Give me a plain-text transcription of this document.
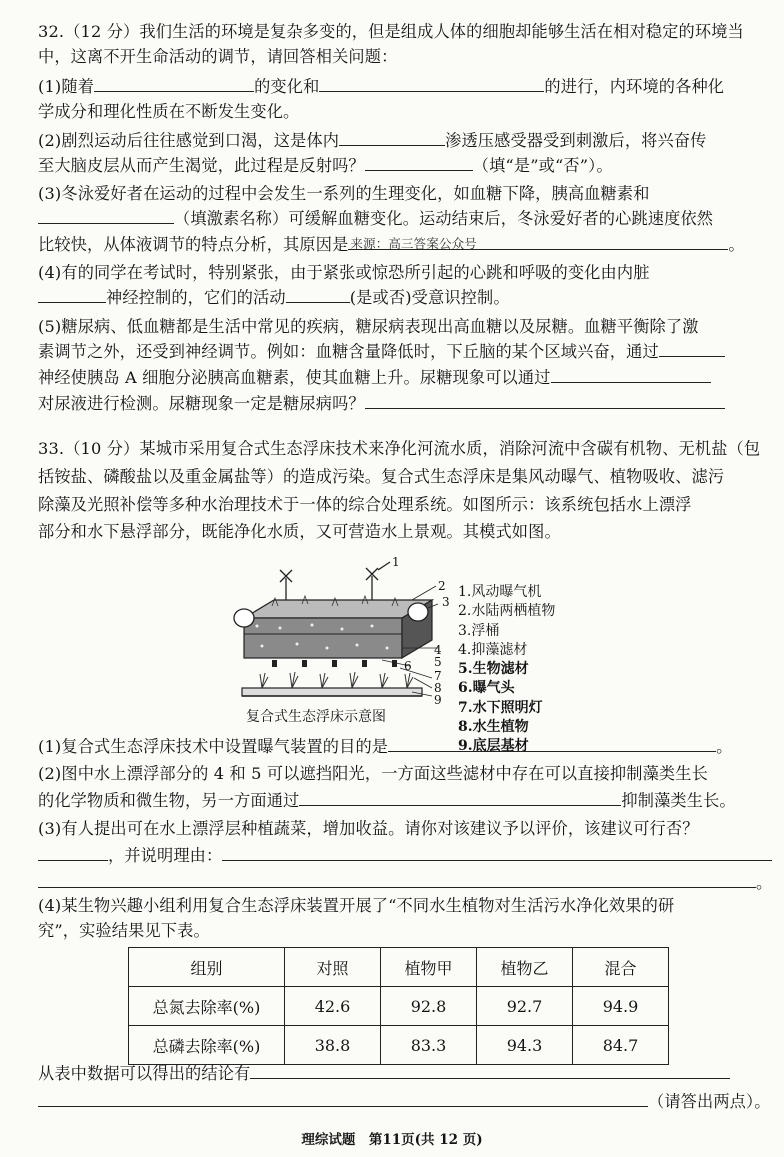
32.（12 分）我们生活的环境是复杂多变的，但是组成人体的细胞却能够生活在相对稳定的环境当
中，这离不开生命活动的调节，请回答相关问题：
(1)随着	的变化和	的进行，内环境的各种化
学成分和理化性质在不断发生变化。
(2)剧烈运动后往往感觉到口渴，这是体内	渗透压感受器受到刺激后，将兴奋传
至大脑皮层从而产生渴觉，此过程是反射吗？	（填“是”或“否”）。
(3)冬泳爱好者在运动的过程中会发生一系列的生理变化，如血糖下降，胰高血糖素和
（填激素名称）可缓解血糖变化。运动结束后，冬泳爱好者的心跳速度依然
比较快，从体液调节的特点分析，其原因是 来源：高三答案公众号	。
(4)有的同学在考试时，特别紧张，由于紧张或惊恐所引起的心跳和呼吸的变化由内脏
神经控制的，它们的活动	(是或否)受意识控制。
(5)糖尿病、低血糖都是生活中常见的疾病，糖尿病表现出高血糖以及尿糖。血糖平衡除了激
素调节之外，还受到神经调节。例如：血糖含量降低时，下丘脑的某个区域兴奋，通过
神经使胰岛 A 细胞分泌胰高血糖素，使其血糖上升。尿糖现象可以通过
对尿液进行检测。尿糖现象一定是糖尿病吗？
33.（10 分）某城市采用复合式生态浮床技术来净化河流水质，消除河流中含碳有机物、无机盐（包
括铵盐、磷酸盐以及重金属盐等）的造成污染。复合式生态浮床是集风动曝气、植物吸收、滤污
除藻及光照补偿等多种水治理技术于一体的综合处理系统。如图所示：该系统包括水上漂浮
部分和水下悬浮部分，既能净化水质，又可营造水上景观。其模式如图。
1
2
3
4
5
6
7
8
9
复合式生态浮床示意图
1.风动曝气机
2.水陆两栖植物
3.浮桶
4.抑藻滤材
5.生物滤材
6.曝气头
7.水下照明灯
8.水生植物
9.底层基材
(1)复合式生态浮床技术中设置曝气装置的目的是	。
(2)图中水上漂浮部分的 4 和 5 可以遮挡阳光，一方面这些滤材中存在可以直接抑制藻类生长
的化学物质和微生物，另一方面通过	抑制藻类生长。
(3)有人提出可在水上漂浮层种植蔬菜，增加收益。请你对该建议予以评价，该建议可行否？
，并说明理由：
。
(4)某生物兴趣小组利用复合生态浮床装置开展了“不同水生植物对生活污水净化效果的研
究”，实验结果见下表。
组别	对照	植物甲	植物乙	混合
总氮去除率(%)	42.6	92.8	92.7	94.9
总磷去除率(%)	38.8	83.3	94.3	84.7
从表中数据可以得出的结论有
（请答出两点）。
理综试题　第11页(共 12 页)
